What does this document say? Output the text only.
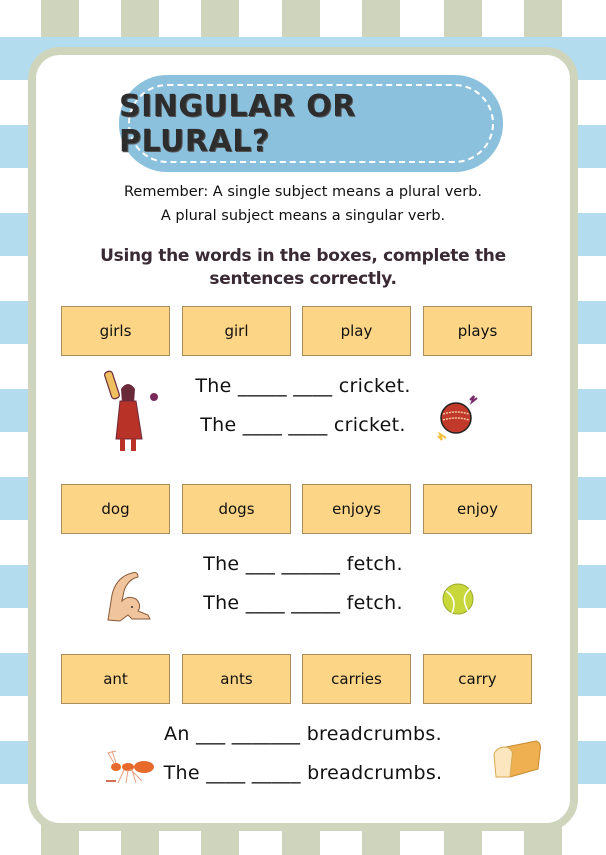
SINGULAR OR PLURAL?
Remember: A single subject means a plural verb.
A plural subject means a singular verb.
Using the words in the boxes, complete the
sentences correctly.
girls	girl	play	plays
The _____ ____ cricket.
The ____ ____ cricket.
dog	dogs	enjoys	enjoy
The ___ ______ fetch.
The ____ _____ fetch.
ant	ants	carries	carry
An ___ _______ breadcrumbs.
The ____ _____ breadcrumbs.
